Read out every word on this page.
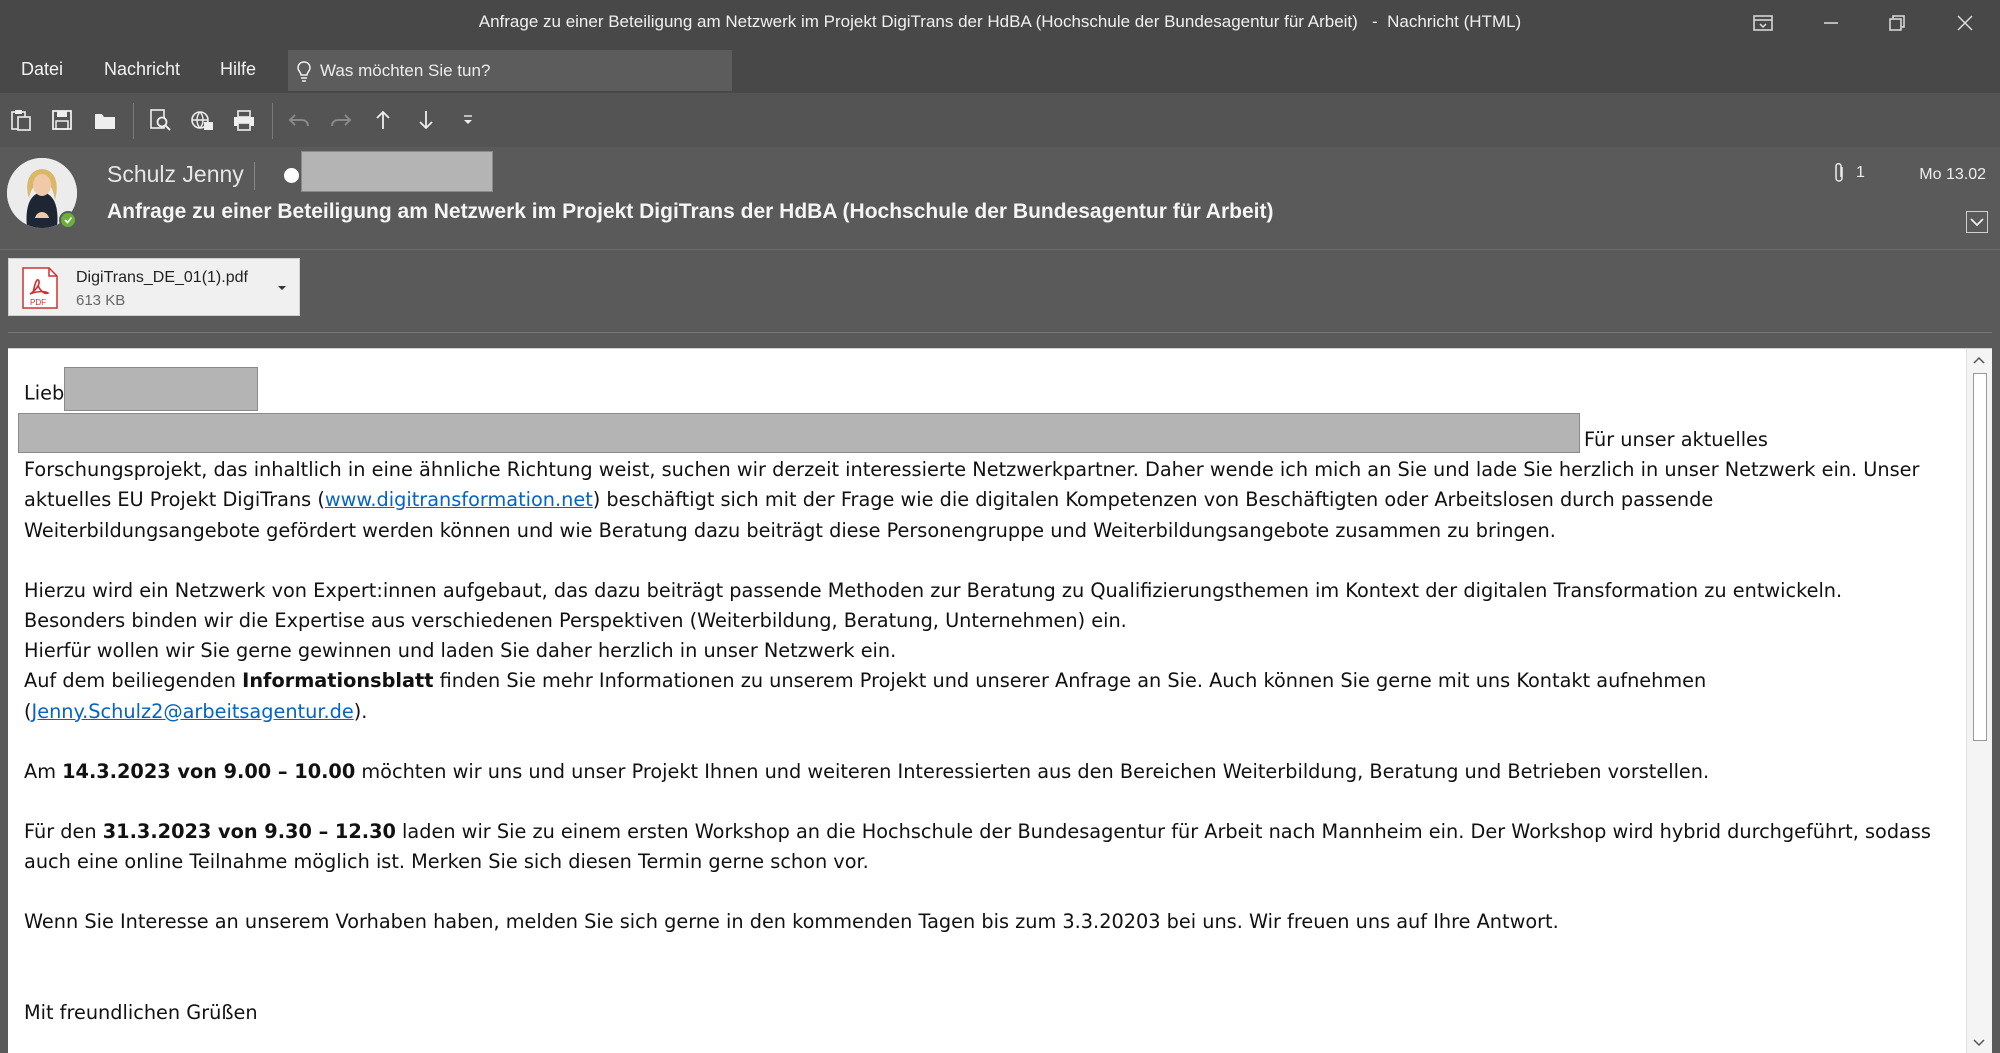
Anfrage zu einer Beteiligung am Netzwerk im Projekt DigiTrans der HdBA (Hochschule der Bundesagentur für Arbeit)   -  Nachricht (HTML)
Datei Nachricht Hilfe	Was möchten Sie tun?
Schulz Jenny
Anfrage zu einer Beteiligung am Netzwerk im Projekt DigiTrans der HdBA (Hochschule der Bundesagentur für Arbeit)
1	Mo 13.02
PDF
DigiTrans_DE_01(1).pdf
613 KB

Lieb

Für unser aktuelles Forschungsprojekt, das inhaltlich in eine ähnliche Richtung weist, suchen wir derzeit interessierte Netzwerkpartner. Daher wende ich mich an Sie und lade Sie herzlich in unser Netzwerk ein. Unser aktuelles EU Projekt DigiTrans (www.digitransformation.net) beschäftigt sich mit der Frage wie die digitalen Kompetenzen von Beschäftigten oder Arbeitslosen durch passende Weiterbildungsangebote gefördert werden können und wie Beratung dazu beiträgt diese Personengruppe und Weiterbildungsangebote zusammen zu bringen.

Hierzu wird ein Netzwerk von Expert:innen aufgebaut, das dazu beiträgt passende Methoden zur Beratung zu Qualifizierungsthemen im Kontext der digitalen Transformation zu entwickeln. Besonders binden wir die Expertise aus verschiedenen Perspektiven (Weiterbildung, Beratung, Unternehmen) ein.

Hierfür wollen wir Sie gerne gewinnen und laden Sie daher herzlich in unser Netzwerk ein.

Auf dem beiliegenden Informationsblatt finden Sie mehr Informationen zu unserem Projekt und unserer Anfrage an Sie. Auch können Sie gerne mit uns Kontakt aufnehmen (Jenny.Schulz2@arbeitsagentur.de).

Am 14.3.2023 von 9.00 – 10.00 möchten wir uns und unser Projekt Ihnen und weiteren Interessierten aus den Bereichen Weiterbildung, Beratung und Betrieben vorstellen.

Für den 31.3.2023 von 9.30 – 12.30 laden wir Sie zu einem ersten Workshop an die Hochschule der Bundesagentur für Arbeit nach Mannheim ein. Der Workshop wird hybrid durchgeführt, sodass auch eine online Teilnahme möglich ist. Merken Sie sich diesen Termin gerne schon vor.

Wenn Sie Interesse an unserem Vorhaben haben, melden Sie sich gerne in den kommenden Tagen bis zum 3.3.20203 bei uns. Wir freuen uns auf Ihre Antwort.

Mit freundlichen Grüßen
